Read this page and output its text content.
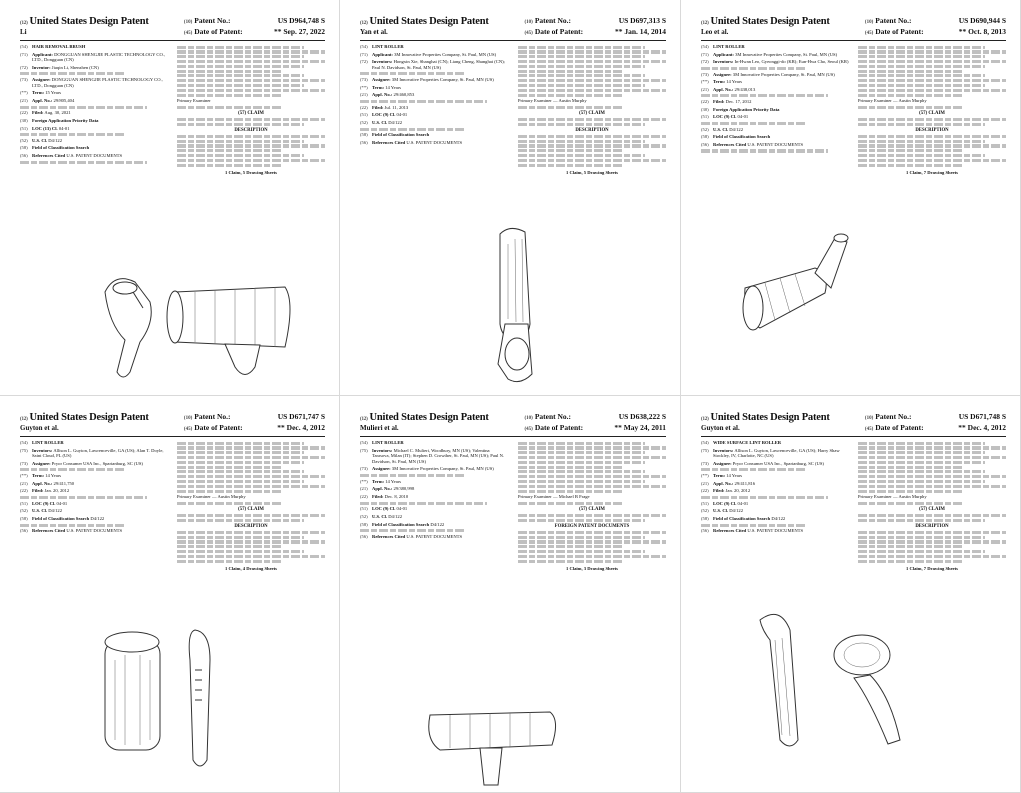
(12) United States Design Patent
Li
(10) Patent No.:	US D964,748 S
(45) Date of Patent:	** Sep. 27, 2022
(54) HAIR REMOVAL BRUSH
(71) Applicant: DONGGUAN SHENGJIE PLASTIC TECHNOLOGY CO., LTD., Dongguan (CN)
(72) Inventor: Jiaqin Li, Shenzhen (CN)
(73) Assignee: DONGGUAN SHENGJIE PLASTIC TECHNOLOGY CO., LTD., Dongguan (CN)
(**) Term: 15 Years
(21) Appl. No.: 29/805,404
(22) Filed: Aug. 30, 2021
(30) Foreign Application Priority Data
(51) LOC (13) Cl. 04-01
(52) U.S. Cl. D4/122
(58) Field of Classification Search
(56) References Cited U.S. PATENT DOCUMENTS
Primary Examiner
(57) CLAIM
DESCRIPTION
1 Claim, 5 Drawing Sheets
(12) United States Design Patent
Yan et al.
(10) Patent No.:	US D697,313 S
(45) Date of Patent:	** Jan. 14, 2014
(54) LINT ROLLER
(71) Applicant: 3M Innovative Properties Company, St. Paul, MN (US)
(72) Inventors: Hongxin Xie, Shanghai (CN); Liang Cheng, Shanghai (CN); Paul N. Davidson, St. Paul, MN (US)
(73) Assignee: 3M Innovative Properties Company, St. Paul, MN (US)
(**) Term: 14 Years
(21) Appl. No.: 29/460,853
(22) Filed: Jul. 11, 2013
(51) LOC (9) Cl. 04-01
(52) U.S. Cl. D4/122
(58) Field of Classification Search
(56) References Cited U.S. PATENT DOCUMENTS
Primary Examiner — Austin Murphy
(57) CLAIM
DESCRIPTION
1 Claim, 5 Drawing Sheets
(12) United States Design Patent
Leo et al.
(10) Patent No.:	US D690,944 S
(45) Date of Patent:	** Oct. 8, 2013
(54) LINT ROLLER
(71) Applicant: 3M Innovative Properties Company, St. Paul, MN (US)
(72) Inventors: In-Hwan Leo, Gyeonggi-do (KR); Eun-Hwa Cho, Seoul (KR)
(73) Assignee: 3M Innovative Properties Company, St. Paul, MN (US)
(**) Term: 14 Years
(21) Appl. No.: 29/438,013
(22) Filed: Dec. 17, 2012
(30) Foreign Application Priority Data
(51) LOC (9) Cl. 04-01
(52) U.S. Cl. D4/122
(58) Field of Classification Search
(56) References Cited U.S. PATENT DOCUMENTS
Primary Examiner — Austin Murphy
(57) CLAIM
DESCRIPTION
1 Claim, 7 Drawing Sheets
(12) United States Design Patent
Guyton et al.
(10) Patent No.:	US D671,747 S
(45) Date of Patent:	** Dec. 4, 2012
(54) LINT ROLLER
(75) Inventors: Allison L. Guyton, Lawrenceville, GA (US); Alan T. Doyle, Saint Cloud, FL (US)
(73) Assignee: Pryor Consumer USA Inc., Spartanburg, SC (US)
(**) Term: 14 Years
(21) Appl. No.: 29/411,750
(22) Filed: Jan. 20, 2012
(51) LOC (9) Cl. 04-01
(52) U.S. Cl. D4/122
(58) Field of Classification Search D4/122
(56) References Cited U.S. PATENT DOCUMENTS
Primary Examiner — Austin Murphy
(57) CLAIM
DESCRIPTION
1 Claim, 4 Drawing Sheets
(12) United States Design Patent
Mulieri et al.
(10) Patent No.:	US D638,222 S
(45) Date of Patent:	** May 24, 2011
(54) LINT ROLLER
(75) Inventors: Michael C. Mulieri, Woodbury, MN (US); Valentina Tarasova, Milan (IT); Stephen D. Crowther, St. Paul, MN (US); Paul N. Davidson, St. Paul, MN (US)
(73) Assignee: 3M Innovative Properties Company, St. Paul, MN (US)
(**) Term: 14 Years
(21) Appl. No.: 29/380,998
(22) Filed: Dec. 8, 2010
(51) LOC (9) Cl. 04-01
(52) U.S. Cl. D4/122
(58) Field of Classification Search D4/122
(56) References Cited U.S. PATENT DOCUMENTS
Primary Examiner — Michael B Frage
(57) CLAIM
FOREIGN PATENT DOCUMENTS
1 Claim, 3 Drawing Sheets
(12) United States Design Patent
Guyton et al.
(10) Patent No.:	US D671,748 S
(45) Date of Patent:	** Dec. 4, 2012
(54) WIDE SURFACE LINT ROLLER
(75) Inventors: Allison L. Guyton, Lawrenceville, GA (US); Harry Shaw Stockley, IV, Charlotte, NC (US)
(73) Assignee: Pryor Consumer USA Inc., Spartanburg, SC (US)
(**) Term: 14 Years
(21) Appl. No.: 29/411,816
(22) Filed: Jan. 20, 2012
(51) LOC (9) Cl. 04-01
(52) U.S. Cl. D4/122
(58) Field of Classification Search D4/122
(56) References Cited U.S. PATENT DOCUMENTS
Primary Examiner — Austin Murphy
(57) CLAIM
DESCRIPTION
1 Claim, 7 Drawing Sheets
